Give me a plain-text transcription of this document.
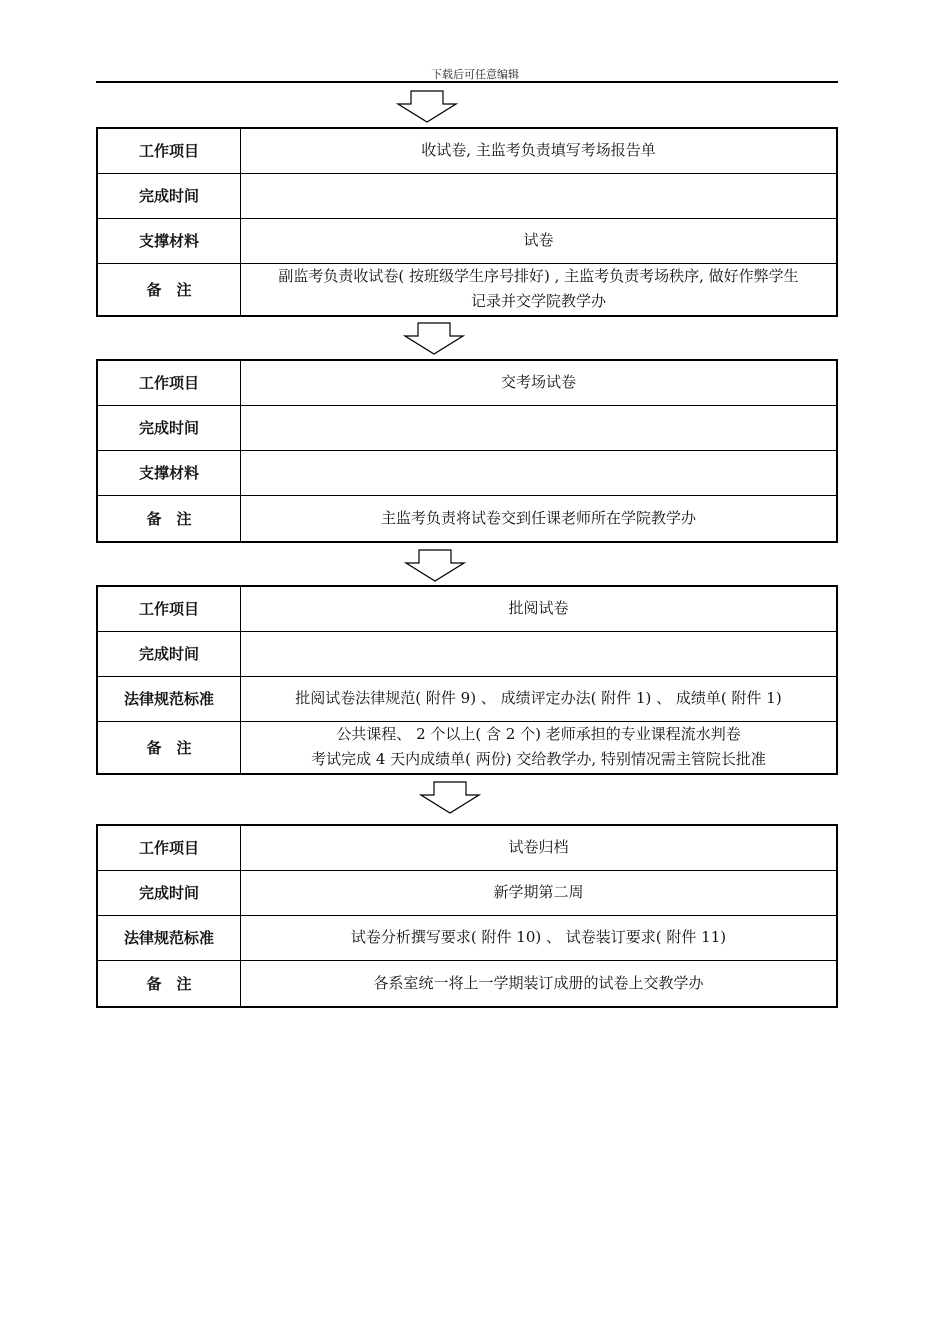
下载后可任意编辑
工作项目	收试卷, 主监考负责填写考场报告单
完成时间	
支撑材料	试卷
备　注	副监考负责收试卷( 按班级学生序号排好) , 主监考负责考场秩序, 做好作弊学生
记录并交学院教学办
工作项目	交考场试卷
完成时间	
支撑材料	
备　注	主监考负责将试卷交到任课老师所在学院教学办
工作项目	批阅试卷
完成时间	
法律规范标准	批阅试卷法律规范( 附件 9) 、 成绩评定办法( 附件 1) 、 成绩单( 附件 1)
备　注	公共课程、 2 个以上( 含 2 个) 老师承担的专业课程流水判卷
考试完成 4 天内成绩单( 两份) 交给教学办, 特别情况需主管院长批准
工作项目	试卷归档
完成时间	新学期第二周
法律规范标准	试卷分析撰写要求( 附件 10) 、 试卷装订要求( 附件 11)
备　注	各系室统一将上一学期装订成册的试卷上交教学办
